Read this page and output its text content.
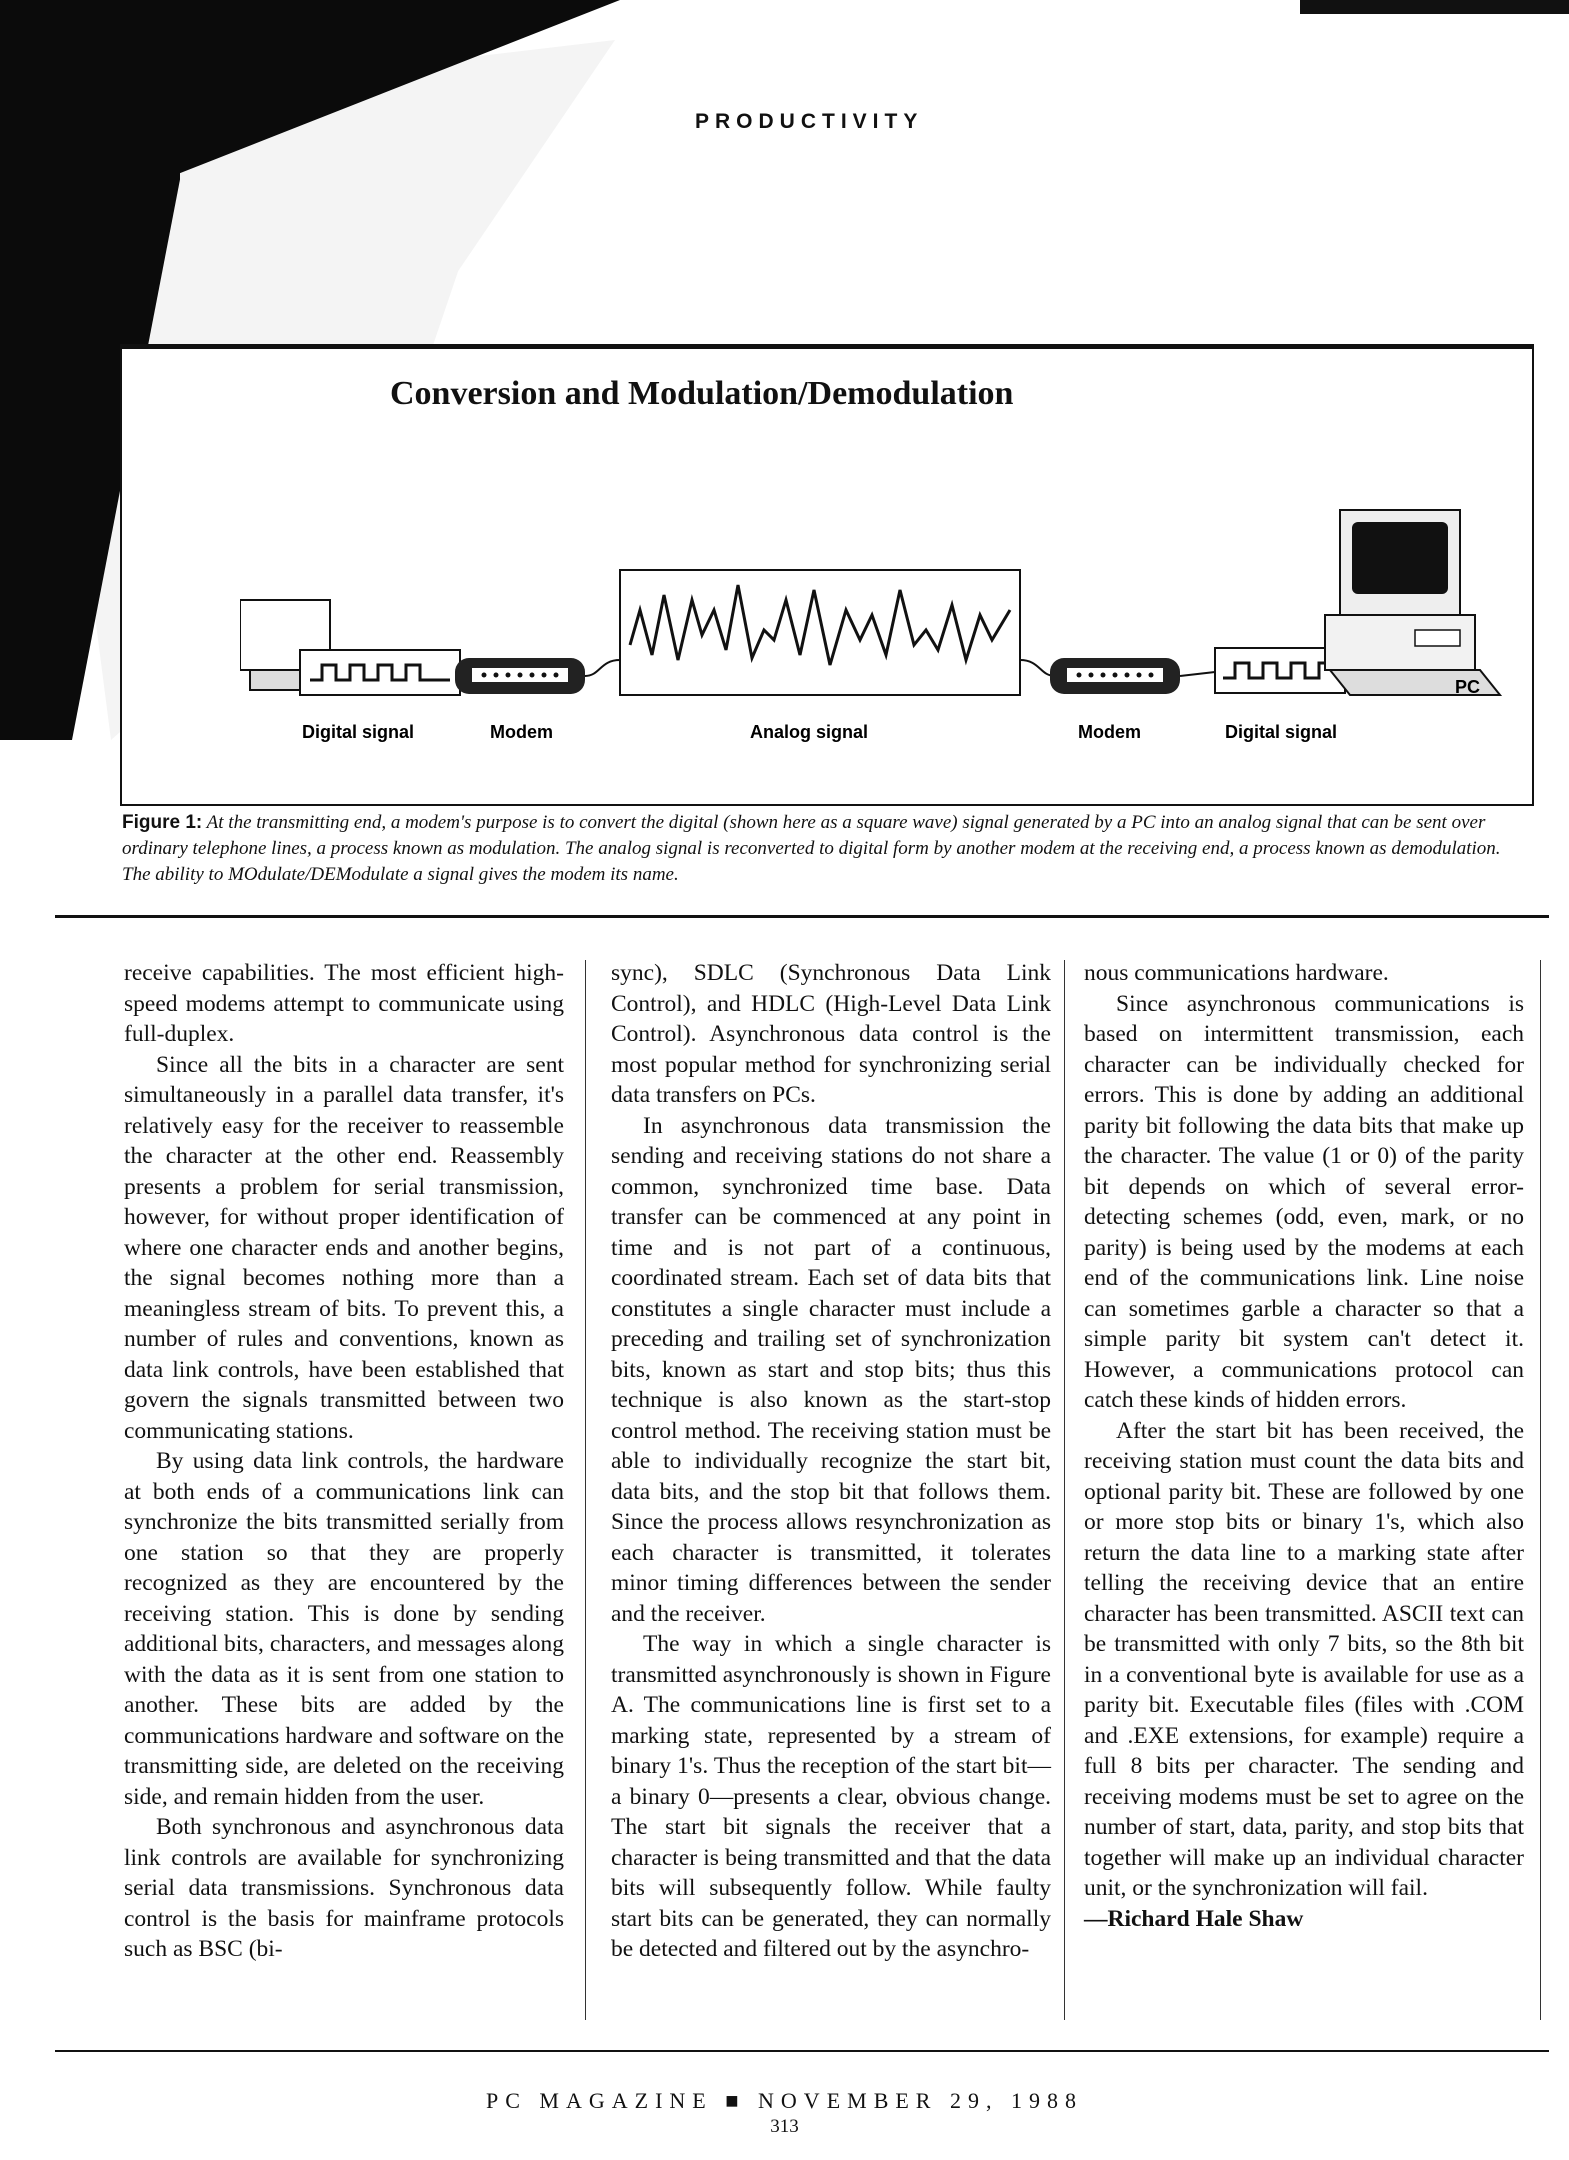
PRODUCTIVITY
Conversion and Modulation/Demodulation
Digital signal	Modem	Analog signal	Modem	Digital signal
PC
Figure 1: At the transmitting end, a modem's purpose is to convert the digital (shown here as a square wave) signal generated by a PC into an analog signal that can be sent over ordinary telephone lines, a process known as modulation. The analog signal is reconverted to digital form by another modem at the receiving end, a process known as demodulation. The ability to MOdulate/DEModulate a signal gives the modem its name.

receive capabilities. The most efficient high-speed modems attempt to communicate using full-duplex.

Since all the bits in a character are sent simultaneously in a parallel data transfer, it's relatively easy for the receiver to reassemble the character at the other end. Reassembly presents a problem for serial transmission, however, for without proper identification of where one character ends and another begins, the signal becomes nothing more than a meaningless stream of bits. To prevent this, a number of rules and conventions, known as data link controls, have been established that govern the signals transmitted between two communicating stations.

By using data link controls, the hardware at both ends of a communications link can synchronize the bits transmitted serially from one station so that they are properly recognized as they are encountered by the receiving station. This is done by sending additional bits, characters, and messages along with the data as it is sent from one station to another. These bits are added by the communications hardware and software on the transmitting side, are deleted on the receiving side, and remain hidden from the user.

Both synchronous and asynchronous data link controls are available for synchronizing serial data transmissions. Synchronous data control is the basis for mainframe protocols such as BSC (bi-

sync), SDLC (Synchronous Data Link Control), and HDLC (High-Level Data Link Control). Asynchronous data control is the most popular method for synchronizing serial data transfers on PCs.

In asynchronous data transmission the sending and receiving stations do not share a common, synchronized time base. Data transfer can be commenced at any point in time and is not part of a continuous, coordinated stream. Each set of data bits that constitutes a single character must include a preceding and trailing set of synchronization bits, known as start and stop bits; thus this technique is also known as the start-stop control method. The receiving station must be able to individually recognize the start bit, data bits, and the stop bit that follows them. Since the process allows resynchronization as each character is transmitted, it tolerates minor timing differences between the sender and the receiver.

The way in which a single character is transmitted asynchronously is shown in Figure A. The communications line is first set to a marking state, represented by a stream of binary 1's. Thus the reception of the start bit—a binary 0—presents a clear, obvious change. The start bit signals the receiver that a character is being transmitted and that the data bits will subsequently follow. While faulty start bits can be generated, they can normally be detected and filtered out by the asynchro-

nous communications hardware.

Since asynchronous communications is based on intermittent transmission, each character can be individually checked for errors. This is done by adding an additional parity bit following the data bits that make up the character. The value (1 or 0) of the parity bit depends on which of several error-detecting schemes (odd, even, mark, or no parity) is being used by the modems at each end of the communications link. Line noise can sometimes garble a character so that a simple parity bit system can't detect it. However, a communications protocol can catch these kinds of hidden errors.

After the start bit has been received, the receiving station must count the data bits and optional parity bit. These are followed by one or more stop bits or binary 1's, which also return the data line to a marking state after telling the receiving device that an entire character has been transmitted. ASCII text can be transmitted with only 7 bits, so the 8th bit in a conventional byte is available for use as a parity bit. Executable files (files with .COM and .EXE extensions, for example) require a full 8 bits per character. The sending and receiving modems must be set to agree on the number of start, data, parity, and stop bits that together will make up an individual character unit, or the synchronization will fail.

—Richard Hale Shaw

PC MAGAZINE ■ NOVEMBER 29, 1988
313
